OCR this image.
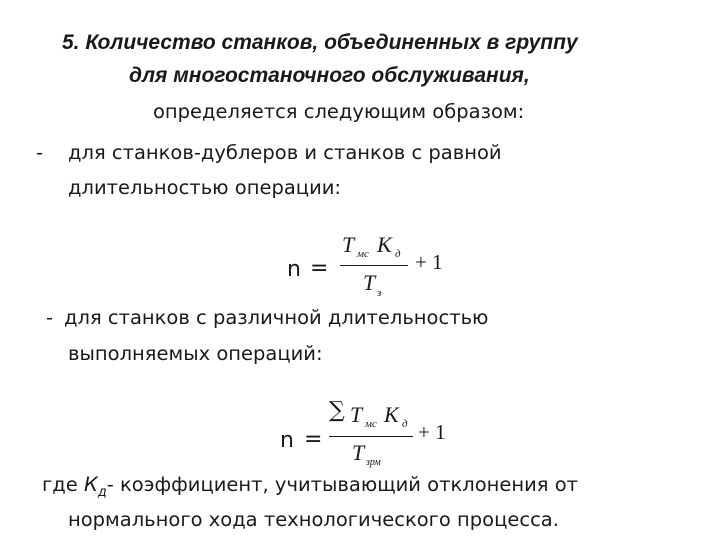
5. Количество станков, объединенных в группу
для многостаночного обслуживания,
определяется следующим образом:
- для станков-дублеров и станков с равной
длительностью операции:
n =
T мс K д
T з
+ 1
- для станков с различной длительностью
выполняемых операций:
n =
∑ T мс K д
T зрм
+ 1
где $К_д-$ коэффициент, учитывающий отклонения от
нормального хода технологического процесса.
